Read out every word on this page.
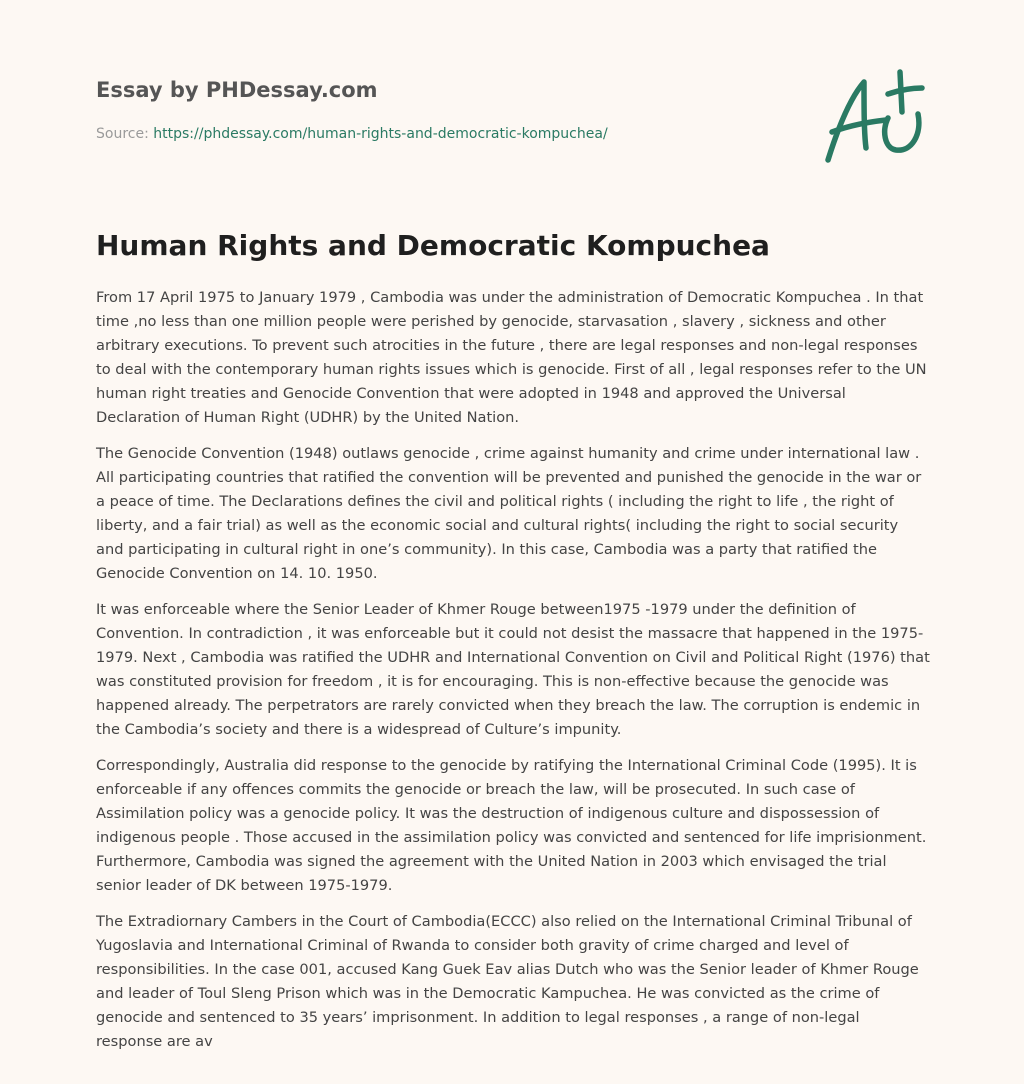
Essay by PHDessay.com
Source: https://phdessay.com/human-rights-and-democratic-kompuchea/
Human Rights and Democratic Kompuchea

From 17 April 1975 to January 1979 , Cambodia was under the administration of Democratic Kompuchea . In that time ,no less than one million people were perished by genocide, starvasation , slavery , sickness and other arbitrary executions. To prevent such atrocities in the future , there are legal responses and non-legal responses to deal with the contemporary human rights issues which is genocide. First of all , legal responses refer to the UN human right treaties and Genocide Convention that were adopted in 1948 and approved the Universal Declaration of Human Right (UDHR) by the United Nation.

The Genocide Convention (1948) outlaws genocide , crime against humanity and crime under international law . All participating countries that ratified the convention will be prevented and punished the genocide in the war or a peace of time. The Declarations defines the civil and political rights ( including the right to life , the right of liberty, and a fair trial) as well as the economic social and cultural rights( including the right to social security and participating in cultural right in one’s community). In this case, Cambodia was a party that ratified the Genocide Convention on 14. 10. 1950.

It was enforceable where the Senior Leader of Khmer Rouge between1975 -1979 under the definition of Convention. In contradiction , it was enforceable but it could not desist the massacre that happened in the 1975-1979. Next , Cambodia was ratified the UDHR and International Convention on Civil and Political Right (1976) that was constituted provision for freedom , it is for encouraging. This is non-effective because the genocide was happened already. The perpetrators are rarely convicted when they breach the law. The corruption is endemic in the Cambodia’s society and there is a widespread of Culture’s impunity.

Correspondingly, Australia did response to the genocide by ratifying the International Criminal Code (1995). It is enforceable if any offences commits the genocide or breach the law, will be prosecuted. In such case of Assimilation policy was a genocide policy. It was the destruction of indigenous culture and dispossession of indigenous people . Those accused in the assimilation policy was convicted and sentenced for life imprisionment. Furthermore, Cambodia was signed the agreement with the United Nation in 2003 which envisaged the trial senior leader of DK between 1975-1979.

The Extradiornary Cambers in the Court of Cambodia(ECCC) also relied on the International Criminal Tribunal of Yugoslavia and International Criminal of Rwanda to consider both gravity of crime charged and level of responsibilities. In the case 001, accused Kang Guek Eav alias Dutch who was the Senior leader of Khmer Rouge and leader of Toul Sleng Prison which was in the Democratic Kampuchea. He was convicted as the crime of genocide and sentenced to 35 years’ imprisonment. In addition to legal responses , a range of non-legal response are av
